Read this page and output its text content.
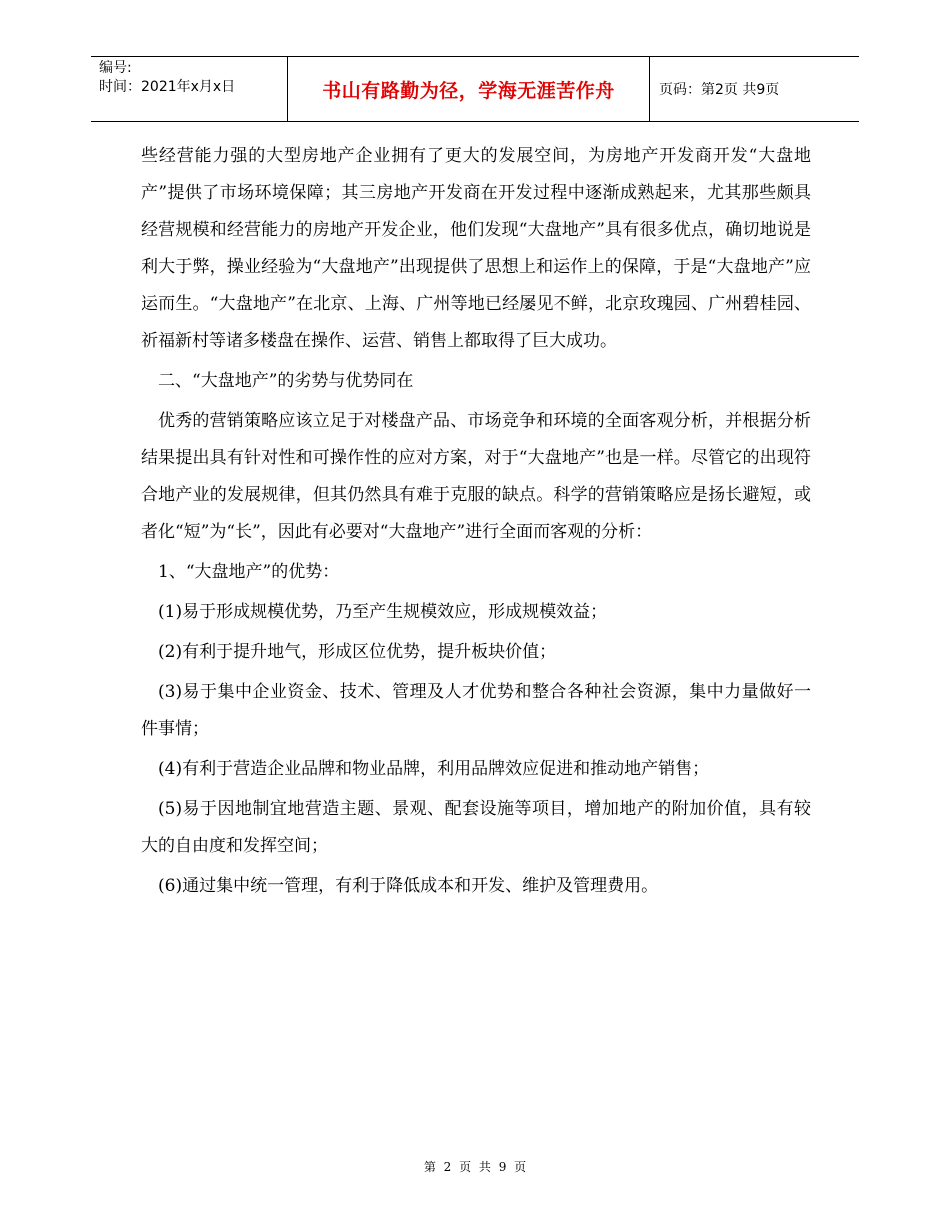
编号:
时间：2021年x月x日	书山有路勤为径，学海无涯苦作舟	页码：第2页 共9页

些经营能力强的大型房地产企业拥有了更大的发展空间，为房地产开发商开发“大盘地产”提供了市场环境保障；其三房地产开发商在开发过程中逐渐成熟起来，尤其那些颇具经营规模和经营能力的房地产开发企业，他们发现“大盘地产”具有很多优点，确切地说是利大于弊，操业经验为“大盘地产”出现提供了思想上和运作上的保障，于是“大盘地产”应运而生。“大盘地产”在北京、上海、广州等地已经屡见不鲜，北京玫瑰园、广州碧桂园、祈福新村等诸多楼盘在操作、运营、销售上都取得了巨大成功。

二、“大盘地产”的劣势与优势同在

优秀的营销策略应该立足于对楼盘产品、市场竞争和环境的全面客观分析，并根据分析结果提出具有针对性和可操作性的应对方案，对于“大盘地产”也是一样。尽管它的出现符合地产业的发展规律，但其仍然具有难于克服的缺点。科学的营销策略应是扬长避短，或者化“短”为“长”，因此有必要对“大盘地产”进行全面而客观的分析：

1、“大盘地产”的优势：

(1)易于形成规模优势，乃至产生规模效应，形成规模效益；

(2)有利于提升地气，形成区位优势，提升板块价值；

(3)易于集中企业资金、技术、管理及人才优势和整合各种社会资源，集中力量做好一件事情；

(4)有利于营造企业品牌和物业品牌，利用品牌效应促进和推动地产销售；

(5)易于因地制宜地营造主题、景观、配套设施等项目，增加地产的附加价值，具有较大的自由度和发挥空间；

(6)通过集中统一管理，有利于降低成本和开发、维护及管理费用。

第 2 页 共 9 页
